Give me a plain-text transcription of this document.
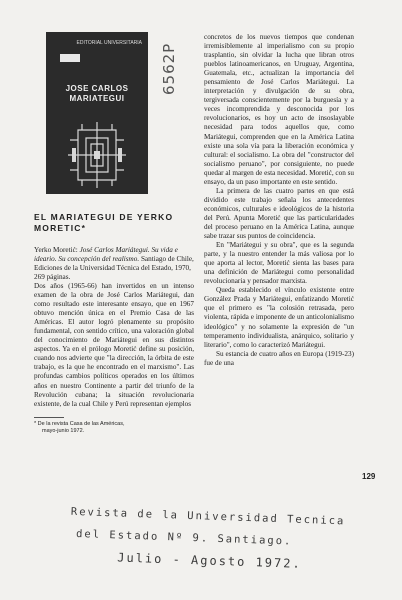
EDITORIAL UNIVERSITARIA
JOSE CARLOS
MARIATEGUI
6562P
EL MARIATEGUI DE YERKO
MORETIC*
Yerko Moretić: José Carlos Mariátegui. Su vida e ideario. Su concepción del realismo. Santiago de Chile, Ediciones de la Universidad Técnica del Estado, 1970, 269 páginas.

Dos años (1965-66) han invertidos en un intenso examen de la obra de José Carlos Mariátegui, dan como resultado este interesante ensayo, que en 1967 obtuvo mención única en el Premio Casa de las Américas. El autor logró plenamente su propósito fundamental, con sentido crítico, una valoración global del conocimiento de Mariátegui en sus distintos aspectos. Ya en el prólogo Moretić define su posición, cuando nos advierte que "la dirección, la órbita de este trabajo, es la que he encontrado en el marxismo". Las profundas cambios políticos operados en los últimos años en nuestro Continente a partir del triunfo de la Revolución cubana; la situación revolucionaria existente, de la cual Chile y Perú representan ejemplos

* De la revista Casa de las Américas,
mayo-junio 1972.

concretos de los nuevos tiempos que condenan irremisiblemente al imperialismo con su propio trasplantio, sin olvidar la lucha que libran otros pueblos latinoamericanos, en Uruguay, Argentina, Guatemala, etc., actualizan la importancia del pensamiento de José Carlos Mariátegui. La interpretación y divulgación de su obra, tergiversada conscientemente por la burguesía y a veces incomprendida y desconocida por los revolucionarios, es hoy un acto de insoslayable necesidad para todos aquellos que, como Mariátegui, comprenden que en la América Latina existe una sola vía para la liberación económica y cultural: el socialismo. La obra del "constructor del socialismo peruano", por consiguiente, no puede quedar al margen de esta necesidad. Moretić, con su ensayo, da un paso importante en este sentido.

La primera de las cuatro partes en que está dividido este trabajo señala los antecedentes económicos, culturales e ideológicos de la historia del Perú. Apunta Moretić que las particularidades del proceso peruano en la América Latina, aunque sabe trazar sus puntos de coincidencia.

En "Mariátegui y su obra", que es la segunda parte, y la nuestro entender la más valiosa por lo que aporta al lector, Moretić sienta las bases para una definición de Mariátegui como personalidad revolucionaria y pensador marxista.

Queda establecido el vínculo existente entre González Prada y Mariátegui, enfatizando Moretić que el primero es "la colosión retrasada, pero violenta, rápida e imponente de un anticolonialismo ideológico" y no solamente la expresión de "un temperamento individualista, anárquico, solitario y literario", como lo caracterizó Mariátegui.

Su estancia de cuatro años en Europa (1919-23) fue de una

129
Revista de la Universidad Tecnica
del Estado Nº 9. Santiago.
Julio - Agosto 1972.
